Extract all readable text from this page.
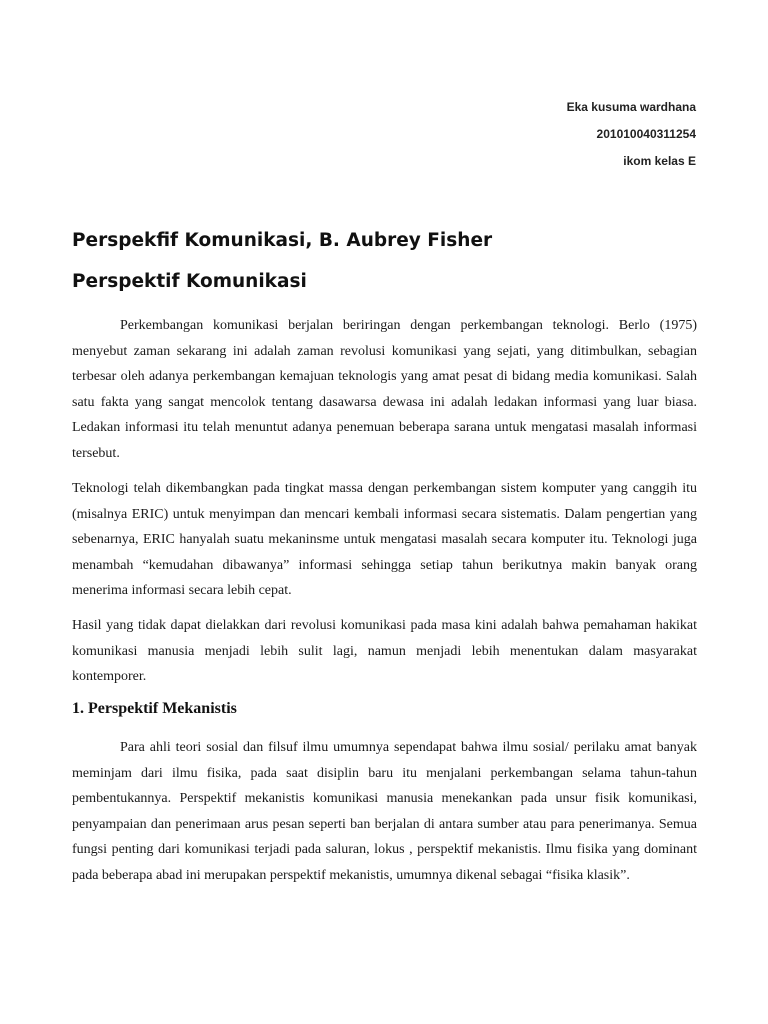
Eka kusuma wardhana
201010040311254
ikom kelas E
Perspekfif Komunikasi, B. Aubrey Fisher
Perspektif Komunikasi

Perkembangan komunikasi berjalan beriringan dengan perkembangan teknologi. Berlo (1975) menyebut zaman sekarang ini adalah zaman revolusi komunikasi yang sejati, yang ditimbulkan, sebagian terbesar oleh adanya perkembangan kemajuan teknologis yang amat pesat di bidang media komunikasi. Salah satu fakta yang sangat mencolok tentang dasawarsa dewasa ini adalah ledakan informasi yang luar biasa. Ledakan informasi itu telah menuntut adanya penemuan beberapa sarana untuk mengatasi masalah informasi tersebut.

Teknologi telah dikembangkan pada tingkat massa dengan perkembangan sistem komputer yang canggih itu (misalnya ERIC) untuk menyimpan dan mencari kembali informasi secara sistematis. Dalam pengertian yang sebenarnya, ERIC hanyalah suatu mekaninsme untuk mengatasi masalah secara komputer itu. Teknologi juga menambah “kemudahan dibawanya” informasi sehingga setiap tahun berikutnya makin banyak orang menerima informasi secara lebih cepat.

Hasil yang tidak dapat dielakkan dari revolusi komunikasi pada masa kini adalah bahwa pemahaman hakikat komunikasi manusia menjadi lebih sulit lagi, namun menjadi lebih menentukan dalam masyarakat kontemporer.

1. Perspektif Mekanistis

Para ahli teori sosial dan filsuf ilmu umumnya sependapat bahwa ilmu sosial/ perilaku amat banyak meminjam dari ilmu fisika, pada saat disiplin baru itu menjalani perkembangan selama tahun-tahun pembentukannya. Perspektif mekanistis komunikasi manusia menekankan pada unsur fisik komunikasi, penyampaian dan penerimaan arus pesan seperti ban berjalan di antara sumber atau para penerimanya. Semua fungsi penting dari komunikasi terjadi pada saluran, lokus , perspektif mekanistis. Ilmu fisika yang dominant pada beberapa abad ini merupakan perspektif mekanistis, umumnya dikenal sebagai “fisika klasik”.
